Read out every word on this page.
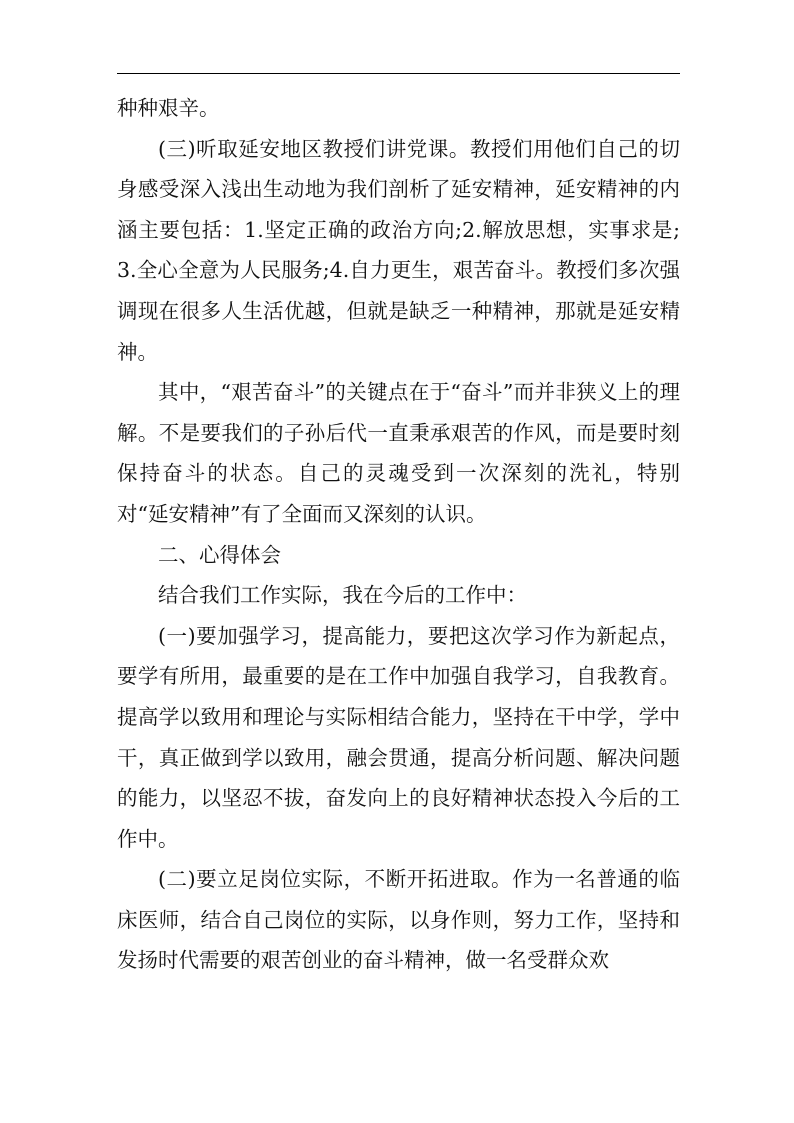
种种艰辛。

(三)听取延安地区教授们讲党课。教授们用他们自己的切身感受深入浅出生动地为我们剖析了延安精神，延安精神的内涵主要包括：1.坚定正确的政治方向;2.解放思想，实事求是;3.全心全意为人民服务;4.自力更生，艰苦奋斗。教授们多次强调现在很多人生活优越，但就是缺乏一种精神，那就是延安精神。

其中，“艰苦奋斗”的关键点在于“奋斗”而并非狭义上的理解。不是要我们的子孙后代一直秉承艰苦的作风，而是要时刻保持奋斗的状态。自己的灵魂受到一次深刻的洗礼，特别对“延安精神”有了全面而又深刻的认识。

二、心得体会

结合我们工作实际，我在今后的工作中：

(一)要加强学习，提高能力，要把这次学习作为新起点，要学有所用，最重要的是在工作中加强自我学习，自我教育。提高学以致用和理论与实际相结合能力，坚持在干中学，学中干，真正做到学以致用，融会贯通，提高分析问题、解决问题的能力，以坚忍不拔，奋发向上的良好精神状态投入今后的工作中。

(二)要立足岗位实际，不断开拓进取。作为一名普通的临床医师，结合自己岗位的实际，以身作则，努力工作，坚持和发扬时代需要的艰苦创业的奋斗精神，做一名受群众欢
